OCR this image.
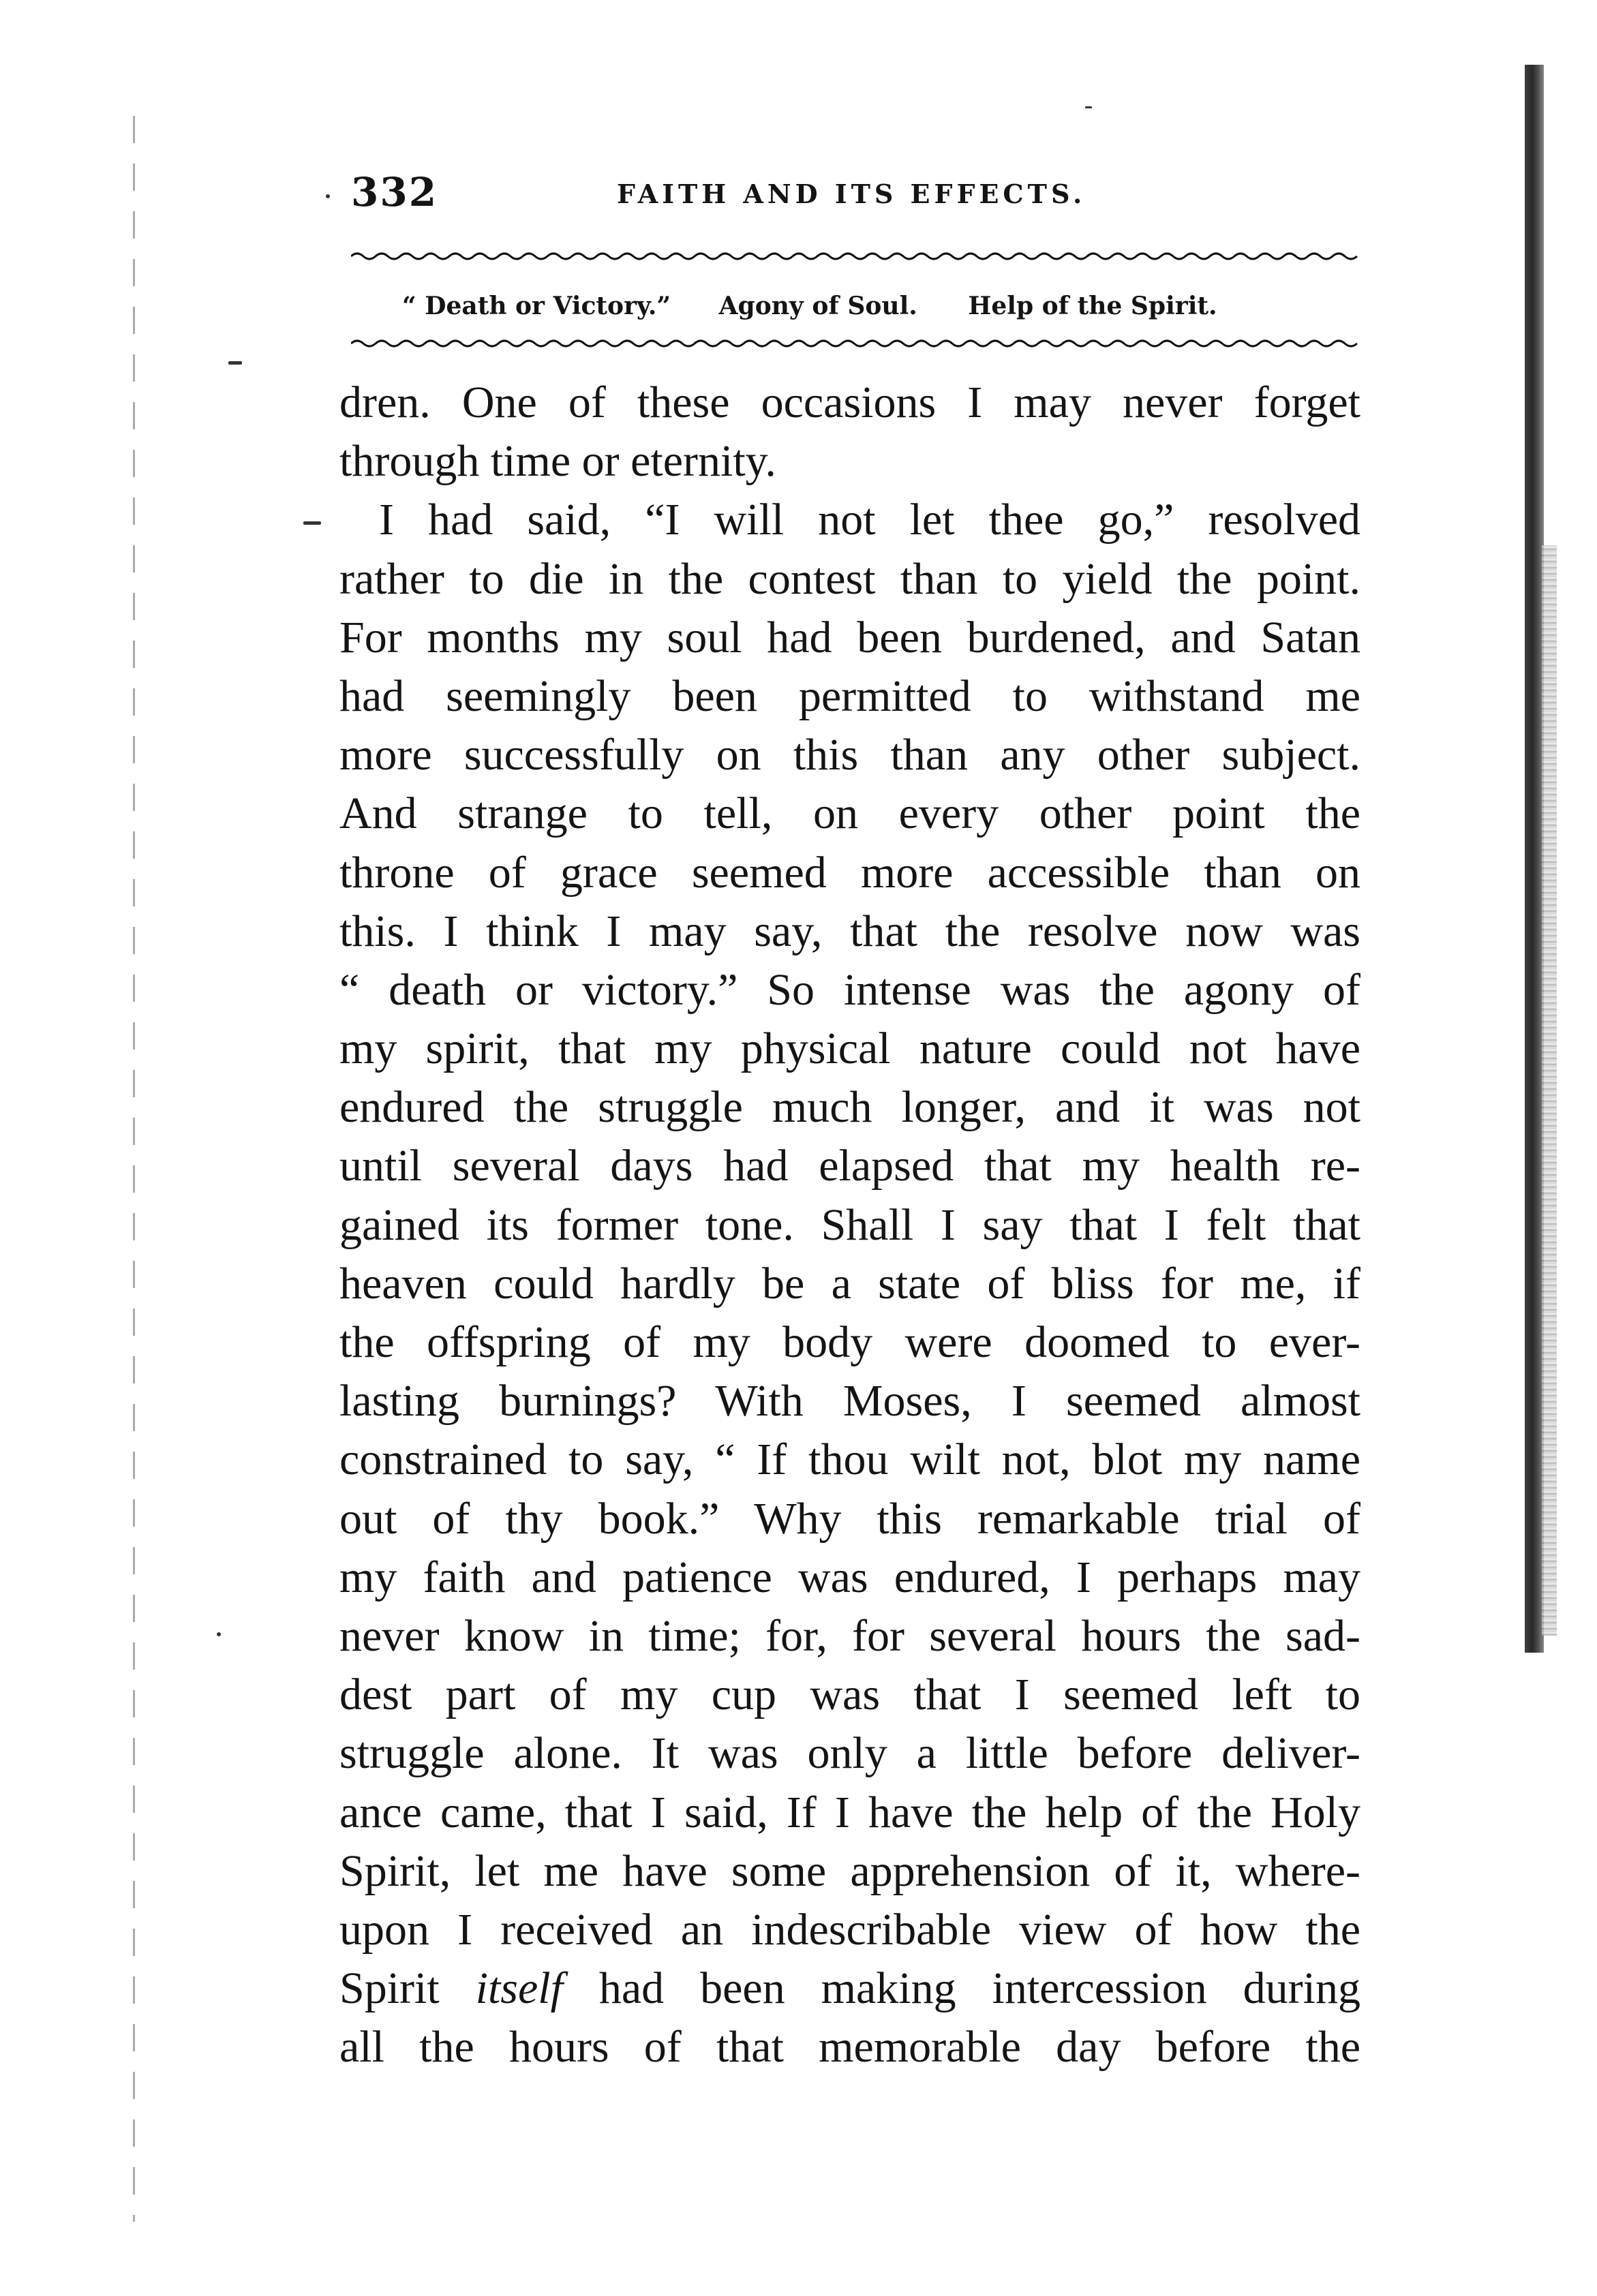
332	FAITH AND ITS EFFECTS.
“ Death or Victory.” Agony of Soul. Help of the Spirit.
dren. One of these occasions I may never forget
through time or eternity.
I had said, “I will not let thee go,” resolved
rather to die in the contest than to yield the point.
For months my soul had been burdened, and Satan
had seemingly been permitted to withstand me
more successfully on this than any other subject.
And strange to tell, on every other point the
throne of grace seemed more accessible than on
this. I think I may say, that the resolve now was
“ death or victory.” So intense was the agony of
my spirit, that my physical nature could not have
endured the struggle much longer, and it was not
until several days had elapsed that my health re-
gained its former tone. Shall I say that I felt that
heaven could hardly be a state of bliss for me, if
the offspring of my body were doomed to ever-
lasting burnings? With Moses, I seemed almost
constrained to say, “ If thou wilt not, blot my name
out of thy book.” Why this remarkable trial of
my faith and patience was endured, I perhaps may
never know in time; for, for several hours the sad-
dest part of my cup was that I seemed left to
struggle alone. It was only a little before deliver-
ance came, that I said, If I have the help of the Holy
Spirit, let me have some apprehension of it, where-
upon I received an indescribable view of how the
Spirit itself had been making intercession during
all the hours of that memorable day before the
